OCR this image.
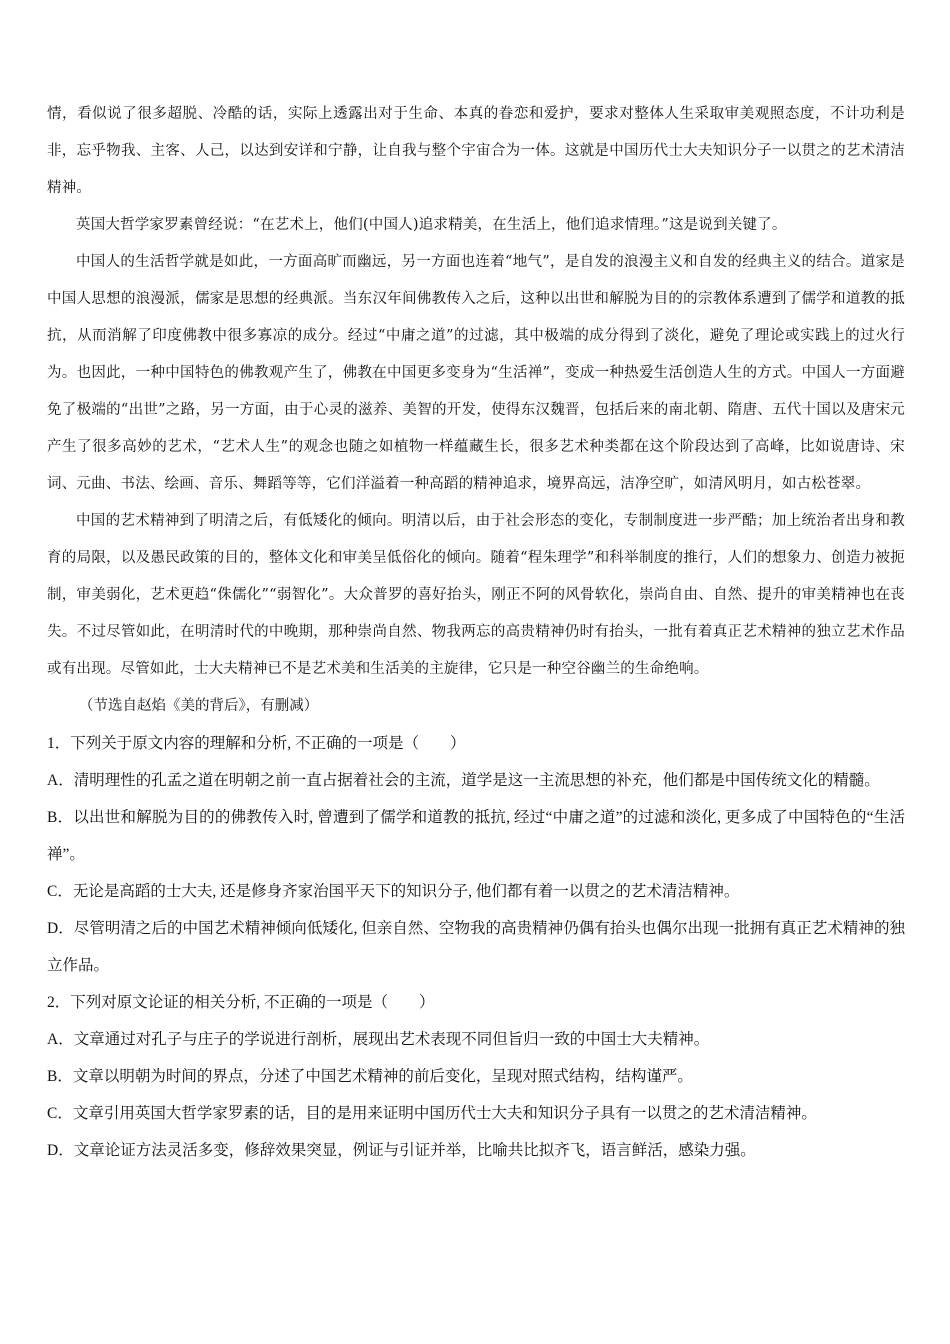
情，看似说了很多超脱、冷酷的话，实际上透露出对于生命、本真的眷恋和爱护，要求对整体人生采取审美观照态度，不计功利是非，忘乎物我、主客、人己，以达到安详和宁静，让自我与整个宇宙合为一体。这就是中国历代士大夫知识分子一以贯之的艺术清洁精神。

英国大哲学家罗素曾经说：“在艺术上，他们(中国人)追求精美，在生活上，他们追求情理。”这是说到关键了。

中国人的生活哲学就是如此，一方面高旷而幽远，另一方面也连着“地气”，是自发的浪漫主义和自发的经典主义的结合。道家是中国人思想的浪漫派，儒家是思想的经典派。当东汉年间佛教传入之后，这种以出世和解脱为目的的宗教体系遭到了儒学和道教的抵抗，从而消解了印度佛教中很多寡凉的成分。经过“中庸之道”的过滤，其中极端的成分得到了淡化，避免了理论或实践上的过火行为。也因此，一种中国特色的佛教观产生了，佛教在中国更多变身为“生活禅”，变成一种热爱生活创造人生的方式。中国人一方面避免了极端的“出世”之路，另一方面，由于心灵的滋养、美智的开发，使得东汉魏晋，包括后来的南北朝、隋唐、五代十国以及唐宋元产生了很多高妙的艺术，“艺术人生”的观念也随之如植物一样蕴藏生长，很多艺术种类都在这个阶段达到了高峰，比如说唐诗、宋词、元曲、书法、绘画、音乐、舞蹈等等，它们洋溢着一种高蹈的精神追求，境界高远，洁净空旷，如清风明月，如古松苍翠。

中国的艺术精神到了明清之后，有低矮化的倾向。明清以后，由于社会形态的变化，专制制度进一步严酷；加上统治者出身和教育的局限，以及愚民政策的目的，整体文化和审美呈低俗化的倾向。随着“程朱理学”和科举制度的推行，人们的想象力、创造力被扼制，审美弱化，艺术更趋“侏儒化”“弱智化”。大众普罗的喜好抬头，刚正不阿的风骨软化，崇尚自由、自然、提升的审美精神也在丧失。不过尽管如此，在明清时代的中晚期，那种崇尚自然、物我两忘的高贵精神仍时有抬头，一批有着真正艺术精神的独立艺术作品或有出现。尽管如此，士大夫精神已不是艺术美和生活美的主旋律，它只是一种空谷幽兰的生命绝响。

（节选自赵焰《美的背后》，有删减）

1．下列关于原文内容的理解和分析, 不正确的一项是（　　）

A．清明理性的孔孟之道在明朝之前一直占据着社会的主流，道学是这一主流思想的补充，他们都是中国传统文化的精髓。

B．以出世和解脱为目的的佛教传入时, 曾遭到了儒学和道教的抵抗, 经过“中庸之道”的过滤和淡化, 更多成了中国特色的“生活禅”。

C．无论是高蹈的士大夫, 还是修身齐家治国平天下的知识分子, 他们都有着一以贯之的艺术清洁精神。

D．尽管明清之后的中国艺术精神倾向低矮化, 但亲自然、空物我的高贵精神仍偶有抬头也偶尔出现一批拥有真正艺术精神的独立作品。

2．下列对原文论证的相关分析, 不正确的一项是（　　）

A．文章通过对孔子与庄子的学说进行剖析，展现出艺术表现不同但旨归一致的中国士大夫精神。

B．文章以明朝为时间的界点，分述了中国艺术精神的前后变化，呈现对照式结构，结构谨严。

C．文章引用英国大哲学家罗素的话，目的是用来证明中国历代士大夫和知识分子具有一以贯之的艺术清洁精神。

D．文章论证方法灵活多变，修辞效果突显，例证与引证并举，比喻共比拟齐飞，语言鲜活，感染力强。
